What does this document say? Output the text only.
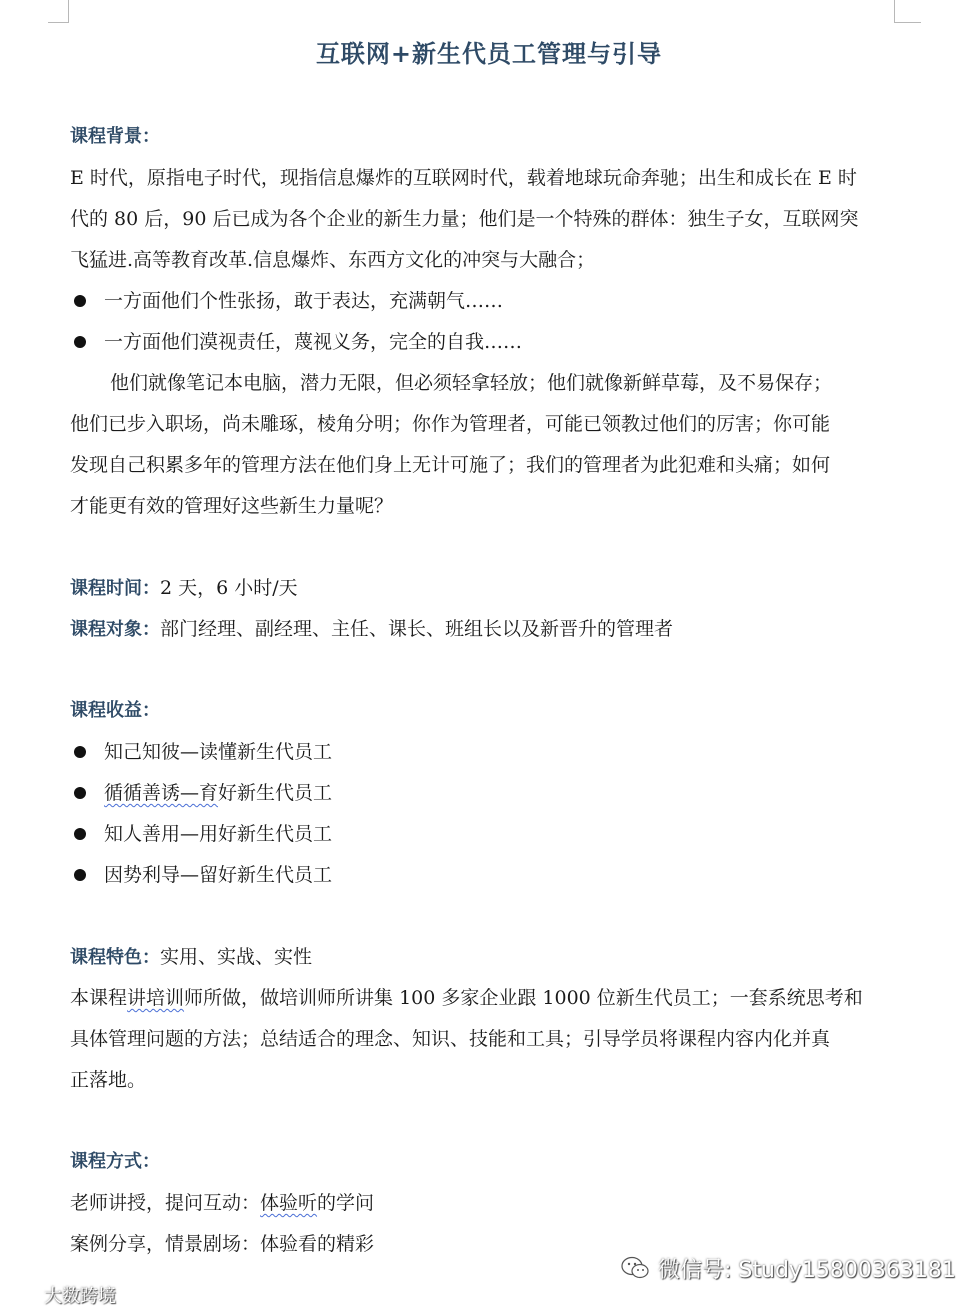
互联网+新生代员工管理与引导
课程背景：
E 时代，原指电子时代，现指信息爆炸的互联网时代，载着地球玩命奔驰；出生和成长在 E 时
代的 80 后，90 后已成为各个企业的新生力量；他们是一个特殊的群体：独生子女，互联网突
飞猛进.高等教育改革.信息爆炸、东西方文化的冲突与大融合；
一方面他们个性张扬，敢于表达，充满朝气……
一方面他们漠视责任，蔑视义务，完全的自我……
他们就像笔记本电脑，潜力无限，但必须轻拿轻放；他们就像新鲜草莓，及不易保存；
他们已步入职场，尚未雕琢，棱角分明；你作为管理者，可能已领教过他们的厉害；你可能
发现自己积累多年的管理方法在他们身上无计可施了；我们的管理者为此犯难和头痛；如何
才能更有效的管理好这些新生力量呢？
课程时间：2 天，6 小时/天
课程对象：部门经理、副经理、主任、课长、班组长以及新晋升的管理者
课程收益：
知己知彼—读懂新生代员工
循循善诱—育好新生代员工
知人善用—用好新生代员工
因势利导—留好新生代员工
课程特色：实用、实战、实性
本课程讲培训师所做，做培训师所讲集 100 多家企业跟 1000 位新生代员工；一套系统思考和
具体管理问题的方法；总结适合的理念、知识、技能和工具；引导学员将课程内容内化并真
正落地。
课程方式：
老师讲授，提问互动：体验听的学问
案例分享，情景剧场：体验看的精彩
微信号: Study15800363181
大数跨境
